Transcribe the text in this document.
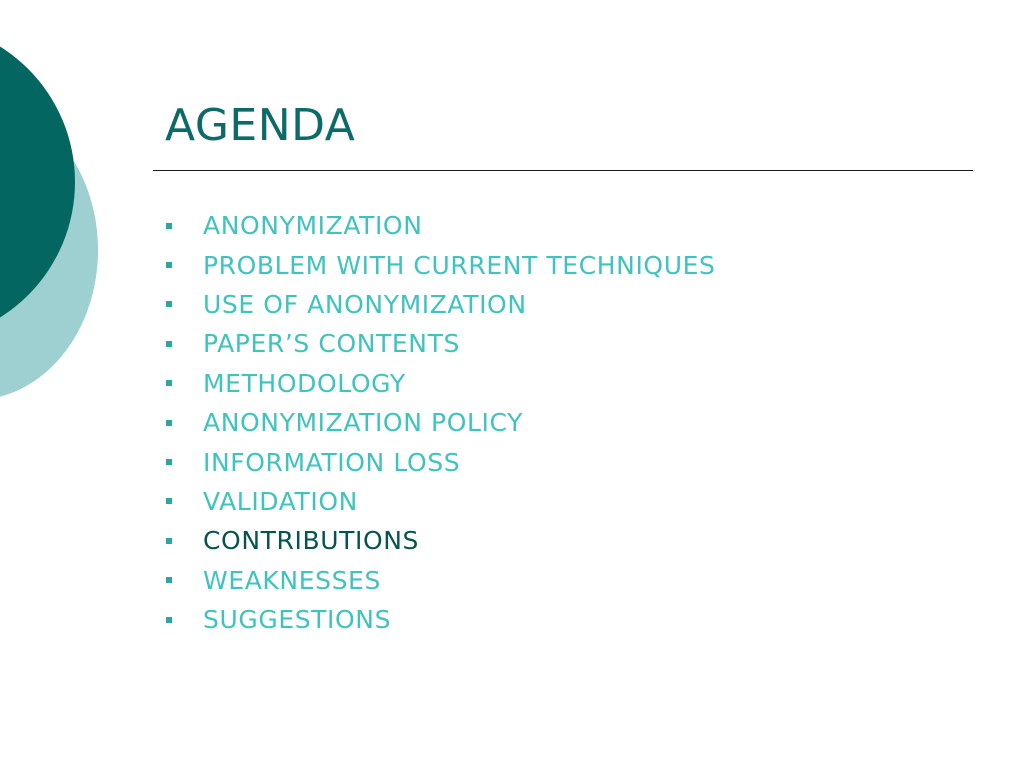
AGENDA
ANONYMIZATION
PROBLEM WITH CURRENT TECHNIQUES
USE OF ANONYMIZATION
PAPER’S CONTENTS
METHODOLOGY
ANONYMIZATION POLICY
INFORMATION LOSS
VALIDATION
CONTRIBUTIONS
WEAKNESSES
SUGGESTIONS
